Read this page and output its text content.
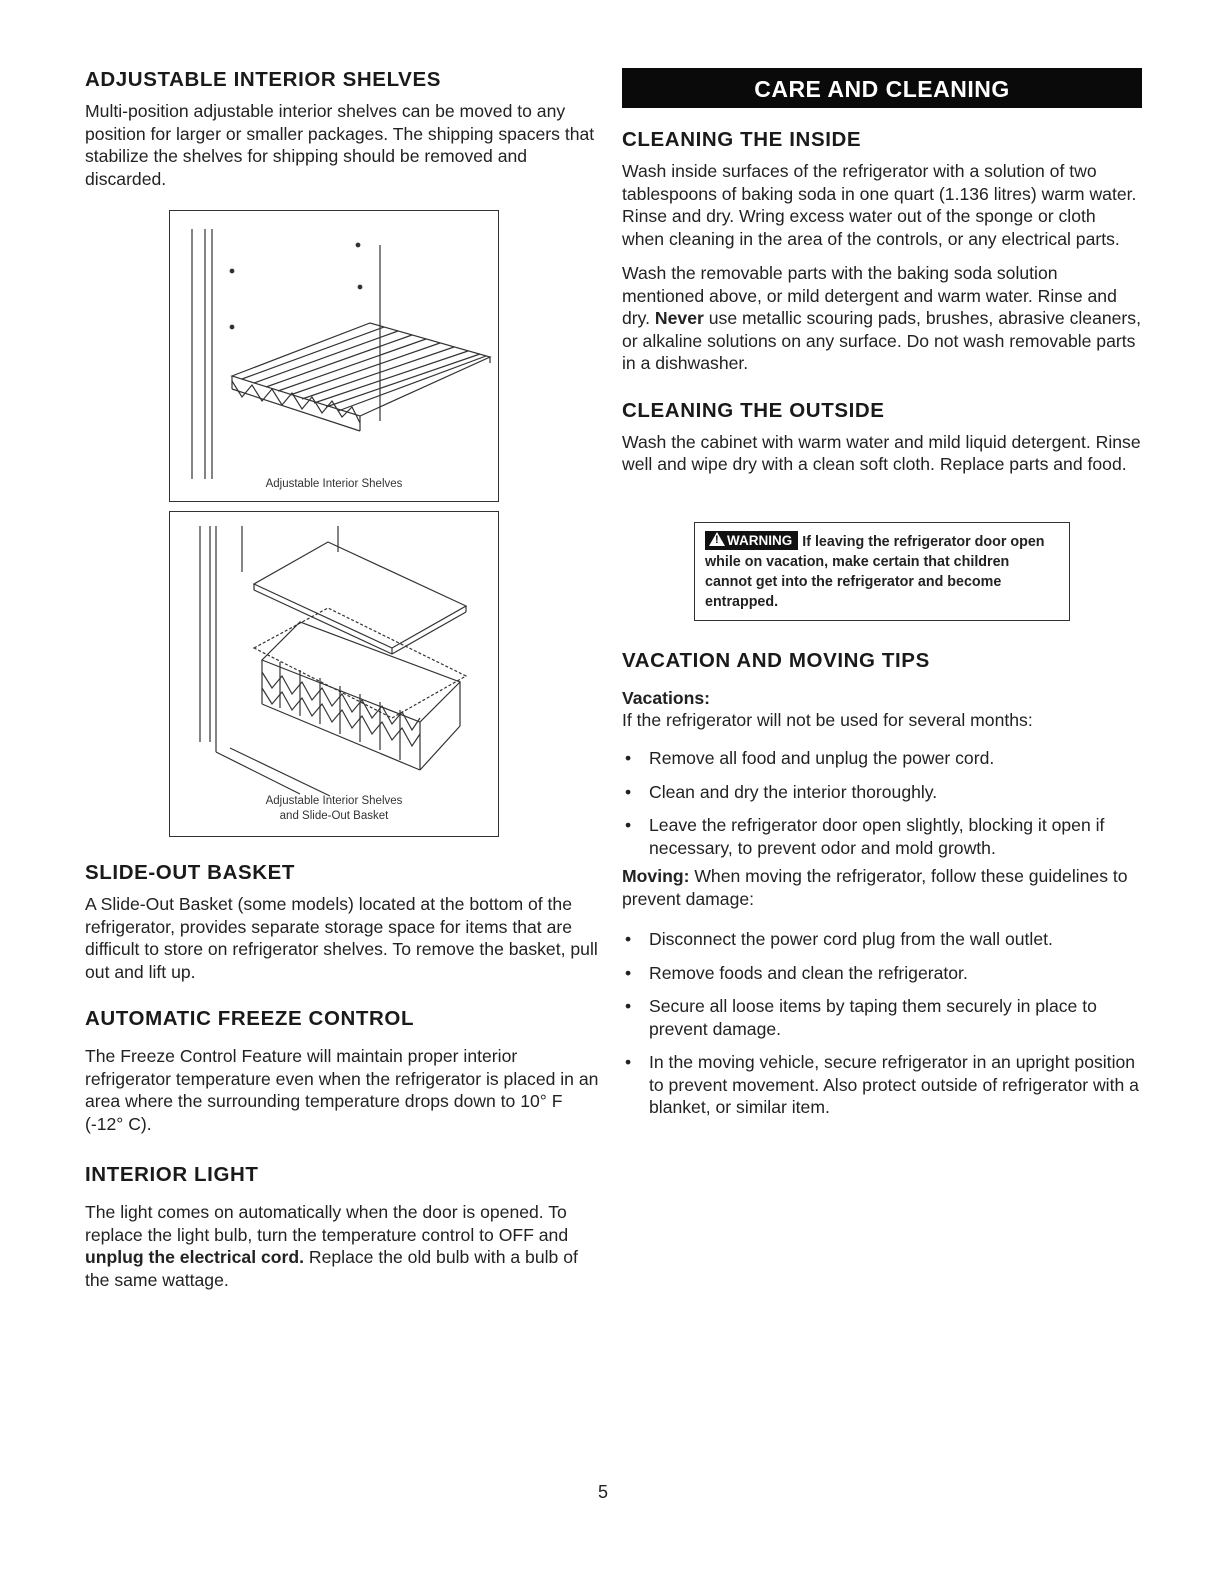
ADJUSTABLE INTERIOR SHELVES

Multi-position adjustable interior shelves can be moved to any position for larger or smaller packages. The shipping spacers that stabilize the shelves for shipping should be removed and discarded.

Adjustable Interior Shelves
Adjustable Interior Shelves
and Slide-Out Basket
SLIDE-OUT BASKET

A Slide-Out Basket (some models) located at the bottom of the refrigerator, provides separate storage space for items that are difficult to store on refrigerator shelves. To remove the basket, pull out and lift up.

AUTOMATIC FREEZE CONTROL

The Freeze Control Feature will maintain proper interior refrigerator temperature even when the refrigerator is placed in an area where the surrounding temperature drops down to 10° F (-12° C).

INTERIOR LIGHT

The light comes on automatically when the door is opened. To replace the light bulb, turn the temperature control to OFF and unplug the electrical cord. Replace the old bulb with a bulb of the same wattage.

CARE AND CLEANING
CLEANING THE INSIDE

Wash inside surfaces of the refrigerator with a solution of two tablespoons of baking soda in one quart (1.136 litres) warm water. Rinse and dry. Wring excess water out of the sponge or cloth when cleaning in the area of the controls, or any electrical parts.

Wash the removable parts with the baking soda solution mentioned above, or mild detergent and warm water. Rinse and dry. Never use metallic scouring pads, brushes, abrasive cleaners, or alkaline solutions on any surface. Do not wash removable parts in a dishwasher.

CLEANING THE OUTSIDE

Wash the cabinet with warm water and mild liquid detergent. Rinse well and wipe dry with a clean soft cloth. Replace parts and food.

! WARNING If leaving the refrigerator door open while on vacation, make certain that children cannot get into the refrigerator and become entrapped.
VACATION AND MOVING TIPS
Vacations:

If the refrigerator will not be used for several months:

• Remove all food and unplug the power cord.
• Clean and dry the interior thoroughly.
• Leave the refrigerator door open slightly, blocking it open if necessary, to prevent odor and mold growth.

Moving: When moving the refrigerator, follow these guidelines to prevent damage:

• Disconnect the power cord plug from the wall outlet.
• Remove foods and clean the refrigerator.
• Secure all loose items by taping them securely in place to prevent damage.
• In the moving vehicle, secure refrigerator in an upright position to prevent movement. Also protect outside of refrigerator with a blanket, or similar item.
5
